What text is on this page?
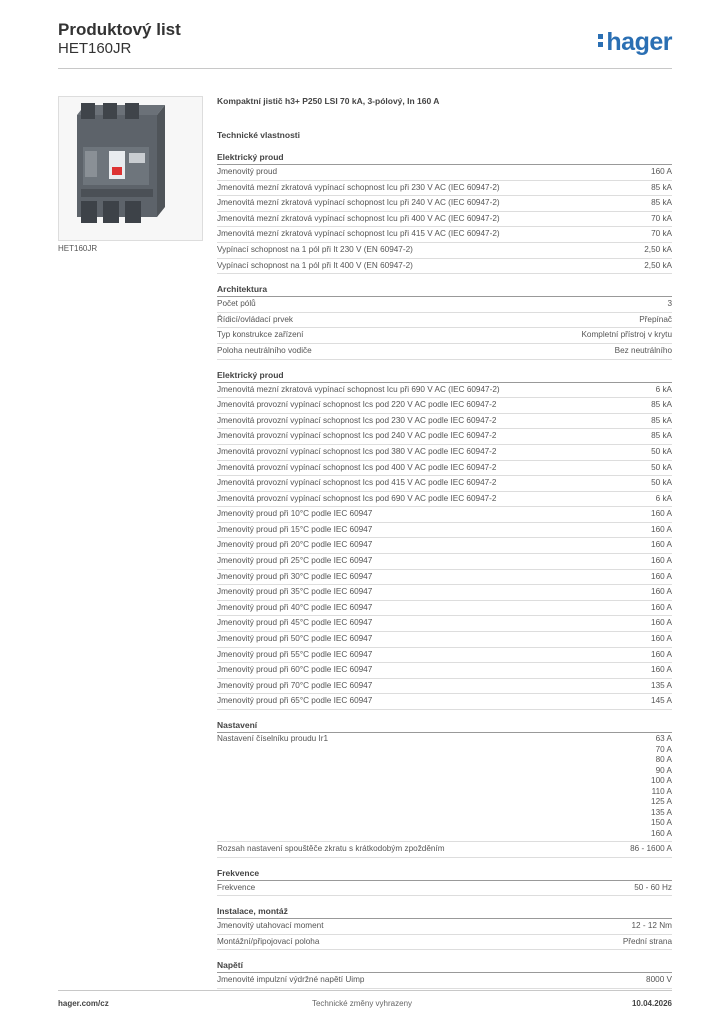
Produktový list
HET160JR	hager
HET160JR
Kompaktní jistič h3+ P250 LSI 70 kA, 3-pólový, In 160 A
Technické vlastnosti
Elektrický proud
Jmenovitý proud	160 A
Jmenovitá mezní zkratová vypínací schopnost Icu při 230 V AC (IEC 60947-2)	85 kA
Jmenovitá mezní zkratová vypínací schopnost Icu při 240 V AC (IEC 60947-2)	85 kA
Jmenovitá mezní zkratová vypínací schopnost Icu při 400 V AC (IEC 60947-2)	70 kA
Jmenovitá mezní zkratová vypínací schopnost Icu při 415 V AC (IEC 60947-2)	70 kA
Vypínací schopnost na 1 pól při It 230 V (EN 60947-2)	2,50 kA
Vypínací schopnost na 1 pól při It 400 V (EN 60947-2)	2,50 kA
Architektura
Počet pólů	3
Řídicí/ovládací prvek	Přepínač
Typ konstrukce zařízení	Kompletní přístroj v krytu
Poloha neutrálního vodiče	Bez neutrálního
Elektrický proud
Jmenovitá mezní zkratová vypínací schopnost Icu při 690 V AC (IEC 60947-2)	6 kA
Jmenovitá provozní vypínací schopnost Ics pod 220 V AC podle IEC 60947-2	85 kA
Jmenovitá provozní vypínací schopnost Ics pod 230 V AC podle IEC 60947-2	85 kA
Jmenovitá provozní vypínací schopnost Ics pod 240 V AC podle IEC 60947-2	85 kA
Jmenovitá provozní vypínací schopnost Ics pod 380 V AC podle IEC 60947-2	50 kA
Jmenovitá provozní vypínací schopnost Ics pod 400 V AC podle IEC 60947-2	50 kA
Jmenovitá provozní vypínací schopnost Ics pod 415 V AC podle IEC 60947-2	50 kA
Jmenovitá provozní vypínací schopnost Ics pod 690 V AC podle IEC 60947-2	6 kA
Jmenovitý proud při 10°C podle IEC 60947	160 A
Jmenovitý proud při 15°C podle IEC 60947	160 A
Jmenovitý proud při 20°C podle IEC 60947	160 A
Jmenovitý proud při 25°C podle IEC 60947	160 A
Jmenovitý proud při 30°C podle IEC 60947	160 A
Jmenovitý proud při 35°C podle IEC 60947	160 A
Jmenovitý proud při 40°C podle IEC 60947	160 A
Jmenovitý proud při 45°C podle IEC 60947	160 A
Jmenovitý proud při 50°C podle IEC 60947	160 A
Jmenovitý proud při 55°C podle IEC 60947	160 A
Jmenovitý proud při 60°C podle IEC 60947	160 A
Jmenovitý proud při 70°C podle IEC 60947	135 A
Jmenovitý proud při 65°C podle IEC 60947	145 A
Nastavení
Nastavení číselníku proudu Ir1	63 A
70 A
80 A
90 A
100 A
110 A
125 A
135 A
150 A
160 A
Rozsah nastavení spouštěče zkratu s krátkodobým zpožděním	86 - 1600 A
Frekvence
Frekvence	50 - 60 Hz
Instalace, montáž
Jmenovitý utahovací moment	12 - 12 Nm
Montážní/připojovací poloha	Přední strana
Napětí
Jmenovité impulzní výdržné napětí Uimp	8000 V
hager.com/cz	Technické změny vyhrazeny	10.04.2026
